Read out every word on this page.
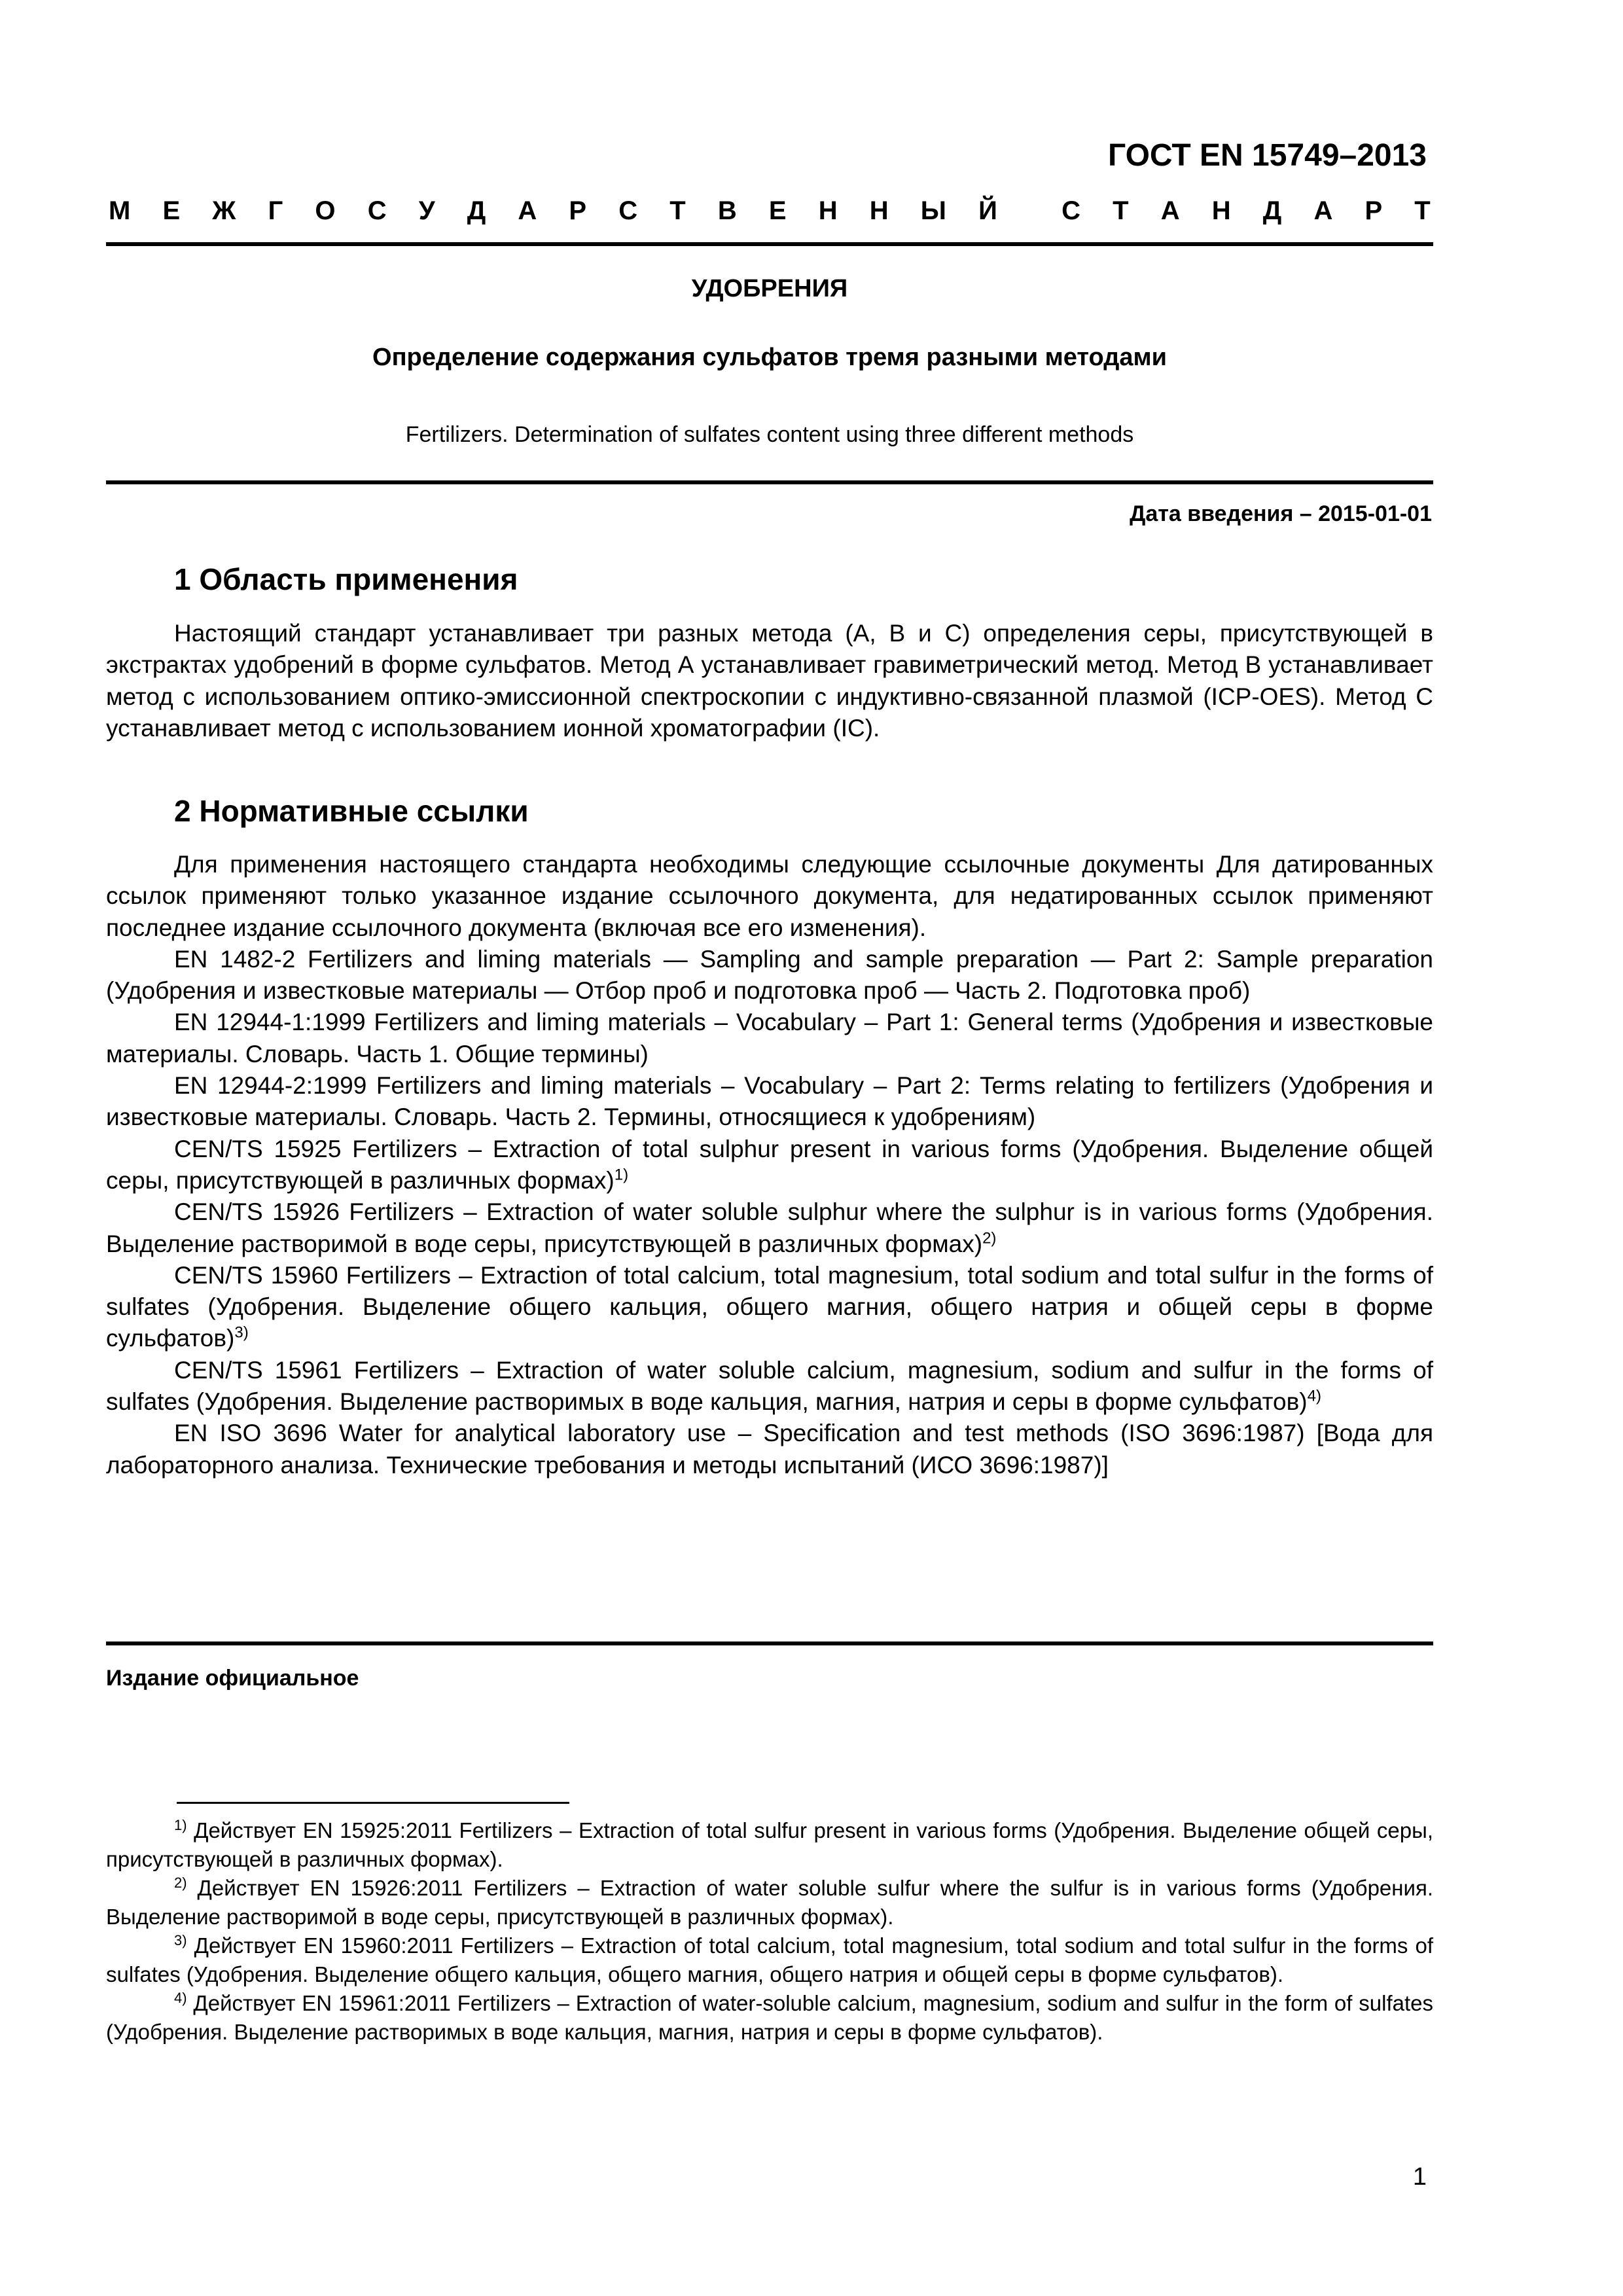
ГОСТ EN 15749–2013
М Е Ж Г О С У Д А Р С Т В Е Н Н Ы Й С Т А Н Д А Р Т
УДОБРЕНИЯ
Определение содержания сульфатов тремя разными методами
Fertilizers. Determination of sulfates content using three different methods
Дата введения – 2015-01-01
1 Область применения

Настоящий стандарт устанавливает три разных метода (А, В и С) определения серы, присутствующей в экстрактах удобрений в форме сульфатов. Метод А устанавливает гравиметрический метод. Метод В устанавливает метод с использованием оптико-эмиссионной спектроскопии с индуктивно-связанной плазмой (ICP-OES). Метод С устанавливает метод с использованием ионной хроматографии (IC).

2 Нормативные ссылки

Для применения настоящего стандарта необходимы следующие ссылочные документы Для датированных ссылок применяют только указанное издание ссылочного документа, для недатированных ссылок применяют последнее издание ссылочного документа (включая все его изменения).

EN 1482-2 Fertilizers and liming materials — Sampling and sample preparation — Part 2: Sample preparation (Удобрения и известковые материалы — Отбор проб и подготовка проб — Часть 2. Подготовка проб)

EN 12944-1:1999 Fertilizers and liming materials – Vocabulary – Part 1: General terms (Удобрения и известковые материалы. Словарь. Часть 1. Общие термины)

EN 12944-2:1999 Fertilizers and liming materials – Vocabulary – Part 2: Terms relating to fertilizers (Удобрения и известковые материалы. Словарь. Часть 2. Термины, относящиеся к удобрениям)

CEN/TS 15925 Fertilizers – Extraction of total sulphur present in various forms (Удобрения. Выделение общей серы, присутствующей в различных формах)$^{1)}$

CEN/TS 15926 Fertilizers – Extraction of water soluble sulphur where the sulphur is in various forms (Удобрения. Выделение растворимой в воде серы, присутствующей в различных формах)$^{2)}$

CEN/TS 15960 Fertilizers – Extraction of total calcium, total magnesium, total sodium and total sulfur in the forms of sulfates (Удобрения. Выделение общего кальция, общего магния, общего натрия и общей серы в форме сульфатов)$^{3)}$

CEN/TS 15961 Fertilizers – Extraction of water soluble calcium, magnesium, sodium and sulfur in the forms of sulfates (Удобрения. Выделение растворимых в воде кальция, магния, натрия и серы в форме сульфатов)$^{4)}$

EN ISO 3696 Water for analytical laboratory use – Specification and test methods (ISO 3696:1987) [Вода для лабораторного анализа. Технические требования и методы испытаний (ИСО 3696:1987)]

Издание официальное

$^{1)}$ Действует EN 15925:2011 Fertilizers – Extraction of total sulfur present in various forms (Удобрения. Выделение общей серы, присутствующей в различных формах).

$^{2)}$ Действует EN 15926:2011 Fertilizers – Extraction of water soluble sulfur where the sulfur is in various forms (Удобрения. Выделение растворимой в воде серы, присутствующей в различных формах).

$^{3)}$ Действует EN 15960:2011 Fertilizers – Extraction of total calcium, total magnesium, total sodium and total sulfur in the forms of sulfates (Удобрения. Выделение общего кальция, общего магния, общего натрия и общей серы в форме сульфатов).

$^{4)}$ Действует EN 15961:2011 Fertilizers – Extraction of water-soluble calcium, magnesium, sodium and sulfur in the form of sulfates (Удобрения. Выделение растворимых в воде кальция, магния, натрия и серы в форме сульфатов).

1
